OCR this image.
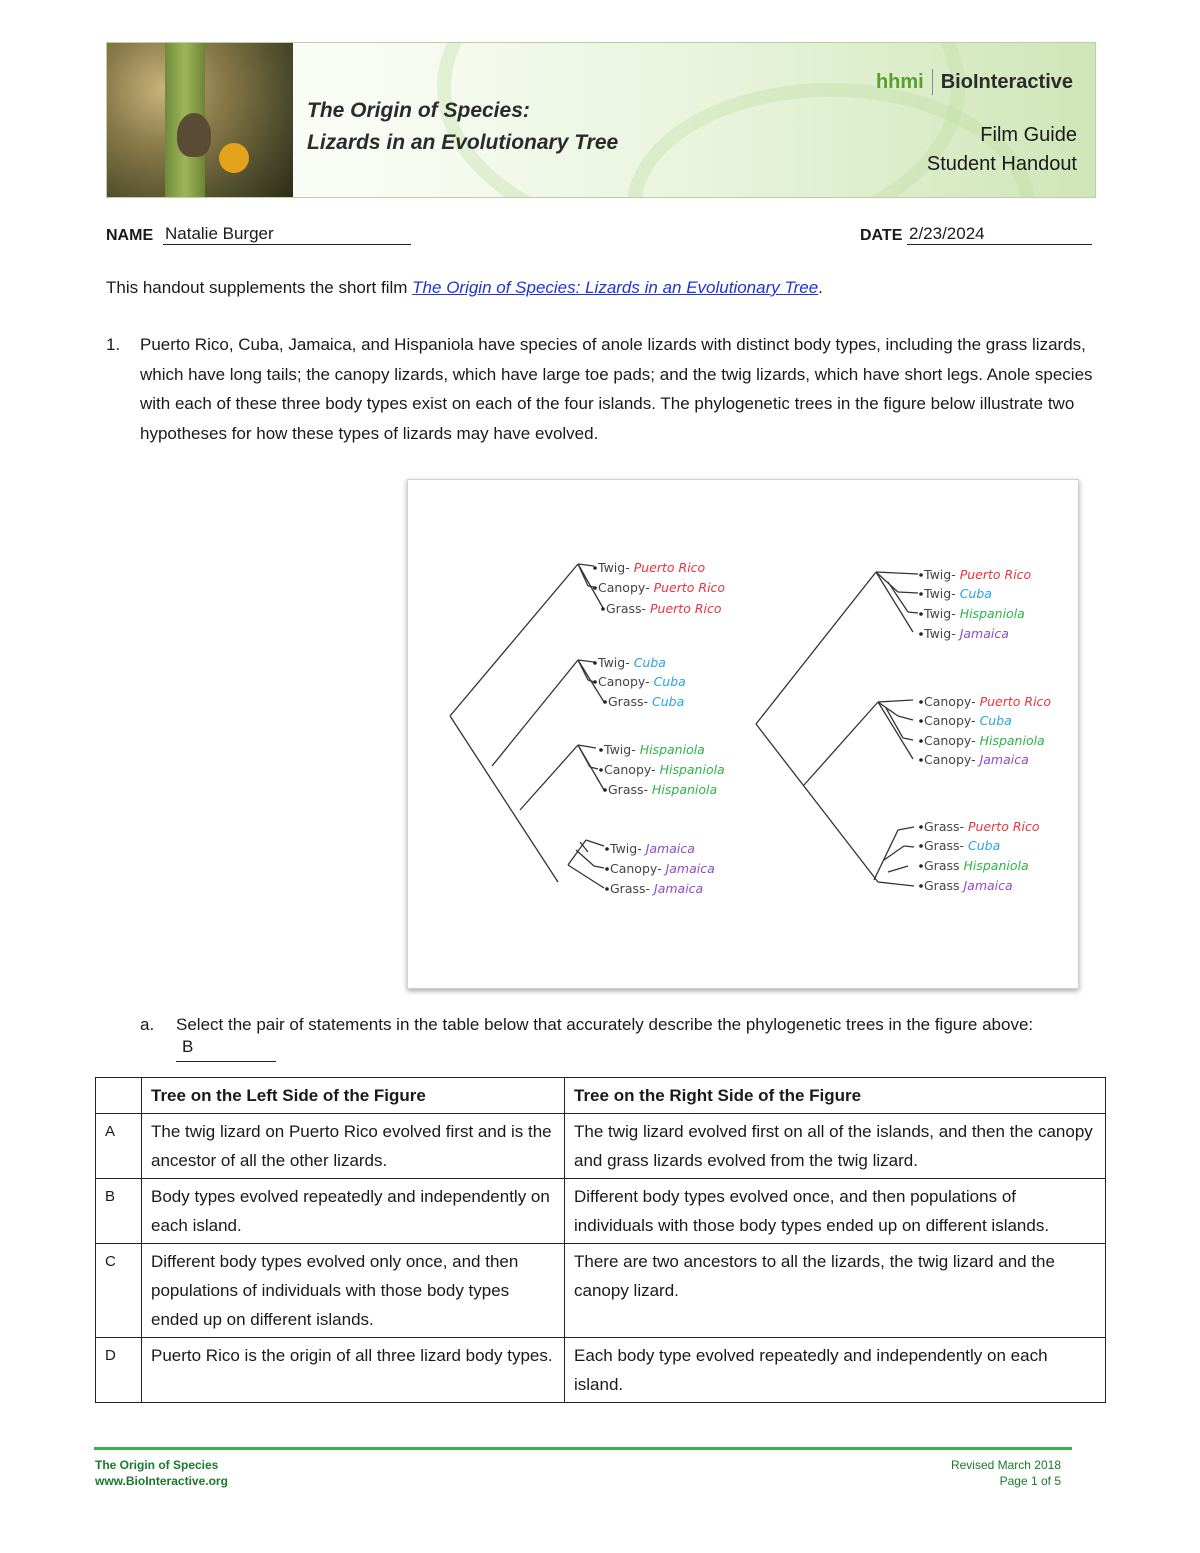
The Origin of Species:
Lizards in an Evolutionary Tree
hhmi BioInteractive
Film Guide
Student Handout
NAME Natalie Burger	DATE 2/23/2024
This handout supplements the short film The Origin of Species: Lizards in an Evolutionary Tree.
1. Puerto Rico, Cuba, Jamaica, and Hispaniola have species of anole lizards with distinct body types, including the grass lizards, which have long tails; the canopy lizards, which have large toe pads; and the twig lizards, which have short legs. Anole species with each of these three body types exist on each of the four islands. The phylogenetic trees in the figure below illustrate two hypotheses for how these types of lizards may have evolved.
Twig- Puerto Rico
Canopy- Puerto Rico
Grass- Puerto Rico
Twig- Cuba
Canopy- Cuba
Grass- Cuba
Twig- Hispaniola
Canopy- Hispaniola
Grass- Hispaniola
Twig- Jamaica
Canopy- Jamaica
Grass- Jamaica
Twig- Puerto Rico
Twig- Cuba
Twig- Hispaniola
Twig- Jamaica
Canopy- Puerto Rico
Canopy- Cuba
Canopy- Hispaniola
Canopy- Jamaica
Grass- Puerto Rico
Grass- Cuba
Grass Hispaniola
Grass Jamaica
a. Select the pair of statements in the table below that accurately describe the phylogenetic trees in the figure above: B
	Tree on the Left Side of the Figure	Tree on the Right Side of the Figure
A	The twig lizard on Puerto Rico evolved first and is the ancestor of all the other lizards.	The twig lizard evolved first on all of the islands, and then the canopy and grass lizards evolved from the twig lizard.
B	Body types evolved repeatedly and independently on each island.	Different body types evolved once, and then populations of individuals with those body types ended up on different islands.
C	Different body types evolved only once, and then populations of individuals with those body types ended up on different islands.	There are two ancestors to all the lizards, the twig lizard and the canopy lizard.
D	Puerto Rico is the origin of all three lizard body types.	Each body type evolved repeatedly and independently on each island.
The Origin of Species
www.BioInteractive.org
Revised March 2018
Page 1 of 5
